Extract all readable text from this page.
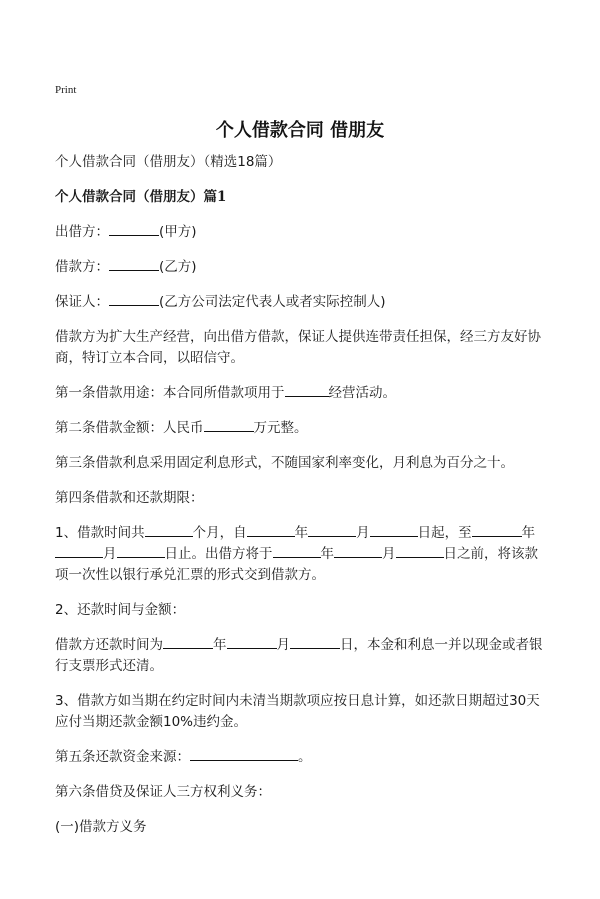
Print
个人借款合同 借朋友

个人借款合同（借朋友）（精选18篇）

个人借款合同（借朋友）篇1

出借方：	(甲方)

借款方：	(乙方)

保证人：	(乙方公司法定代表人或者实际控制人)

借款方为扩大生产经营，向出借方借款，保证人提供连带责任担保，经三方友好协商，特订立本合同，以昭信守。

第一条借款用途：本合同所借款项用于	经营活动。

第二条借款金额：人民币	万元整。

第三条借款利息采用固定利息形式，不随国家利率变化，月利息为百分之十。

第四条借款和还款期限：

1、借款时间共	个月，自	年	月	日起，至	年月	日止。出借方将于	年	月	日之前，将该款项一次性以银行承兑汇票的形式交到借款方。

2、还款时间与金额：

借款方还款时间为	年	月	日，本金和利息一并以现金或者银行支票形式还清。

3、借款方如当期在约定时间内未清当期款项应按日息计算，如还款日期超过30天应付当期还款金额10%违约金。

第五条还款资金来源：	。

第六条借贷及保证人三方权利义务：

(一)借款方义务
